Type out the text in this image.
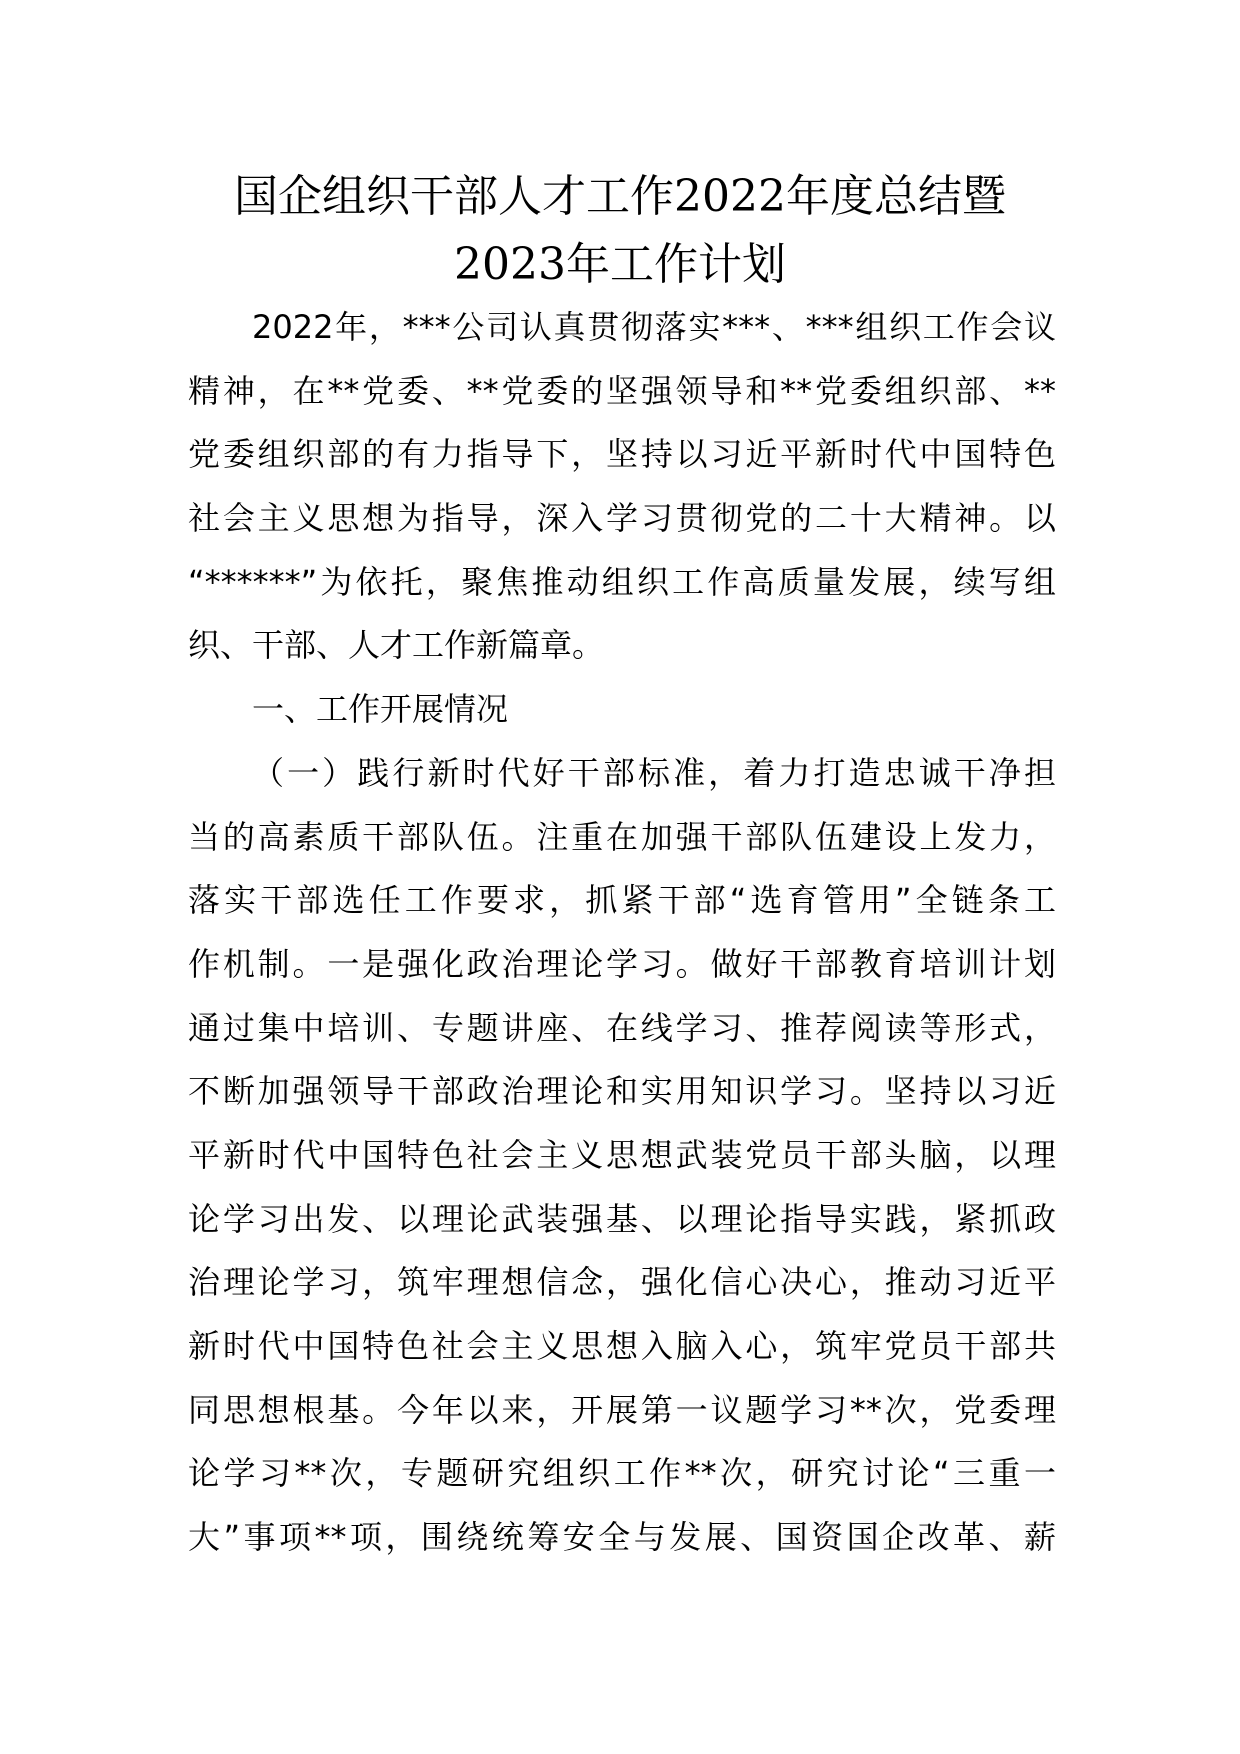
国企组织干部人才工作2022年度总结暨
2023年工作计划
2022年，***公司认真贯彻落实***、***组织工作会议
精神，在**党委、**党委的坚强领导和**党委组织部、**
党委组织部的有力指导下，坚持以习近平新时代中国特色
社会主义思想为指导，深入学习贯彻党的二十大精神。以
“******”为依托，聚焦推动组织工作高质量发展，续写组
织、干部、人才工作新篇章。
一、工作开展情况
（一）践行新时代好干部标准，着力打造忠诚干净担
当的高素质干部队伍。注重在加强干部队伍建设上发力，
落实干部选任工作要求，抓紧干部“选育管用”全链条工
作机制。一是强化政治理论学习。做好干部教育培训计划
通过集中培训、专题讲座、在线学习、推荐阅读等形式，
不断加强领导干部政治理论和实用知识学习。坚持以习近
平新时代中国特色社会主义思想武装党员干部头脑，以理
论学习出发、以理论武装强基、以理论指导实践，紧抓政
治理论学习，筑牢理想信念，强化信心决心，推动习近平
新时代中国特色社会主义思想入脑入心，筑牢党员干部共
同思想根基。今年以来，开展第一议题学习**次，党委理
论学习**次，专题研究组织工作**次，研究讨论“三重一
大”事项**项，围绕统筹安全与发展、国资国企改革、薪
